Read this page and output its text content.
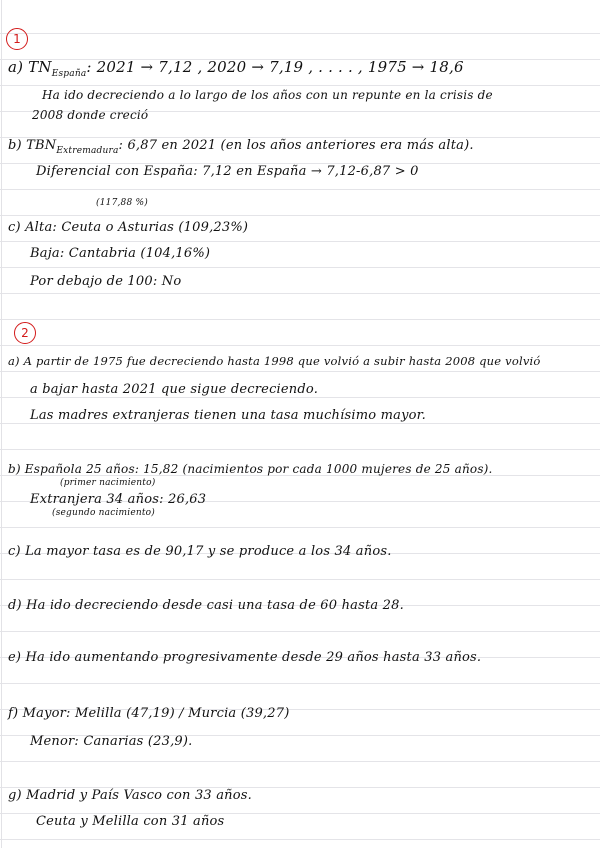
1
a) $TN_{España}$: 2021 → 7,12 , 2020 → 7,19 , . . . . , 1975 → 18,6
Ha ido decreciendo a lo largo de los años con un repunte en la crisis de
2008 donde creció
b) $TBN_{Extremadura}$: 6,87 en 2021 (en los años anteriores era más alta).
Diferencial con España: 7,12 en España → 7,12-6,87 > 0
(117,88 %)
c) Alta: Ceuta o Asturias (109,23%)
Baja: Cantabria (104,16%)
Por debajo de 100: No
2
a) A partir de 1975 fue decreciendo hasta 1998 que volvió a subir hasta 2008 que volvió
a bajar hasta 2021 que sigue decreciendo.
Las madres extranjeras tienen una tasa muchísimo mayor.
b) Española 25 años: 15,82 (nacimientos por cada 1000 mujeres de 25 años).
(primer nacimiento)
Extranjera 34 años: 26,63
(segundo nacimiento)
c) La mayor tasa es de 90,17 y se produce a los 34 años.
d) Ha ido decreciendo desde casi una tasa de 60 hasta 28.
e) Ha ido aumentando progresivamente desde 29 años hasta 33 años.
f) Mayor: Melilla (47,19) / Murcia (39,27)
Menor: Canarias (23,9).
g) Madrid y País Vasco con 33 años.
Ceuta y Melilla con 31 años
